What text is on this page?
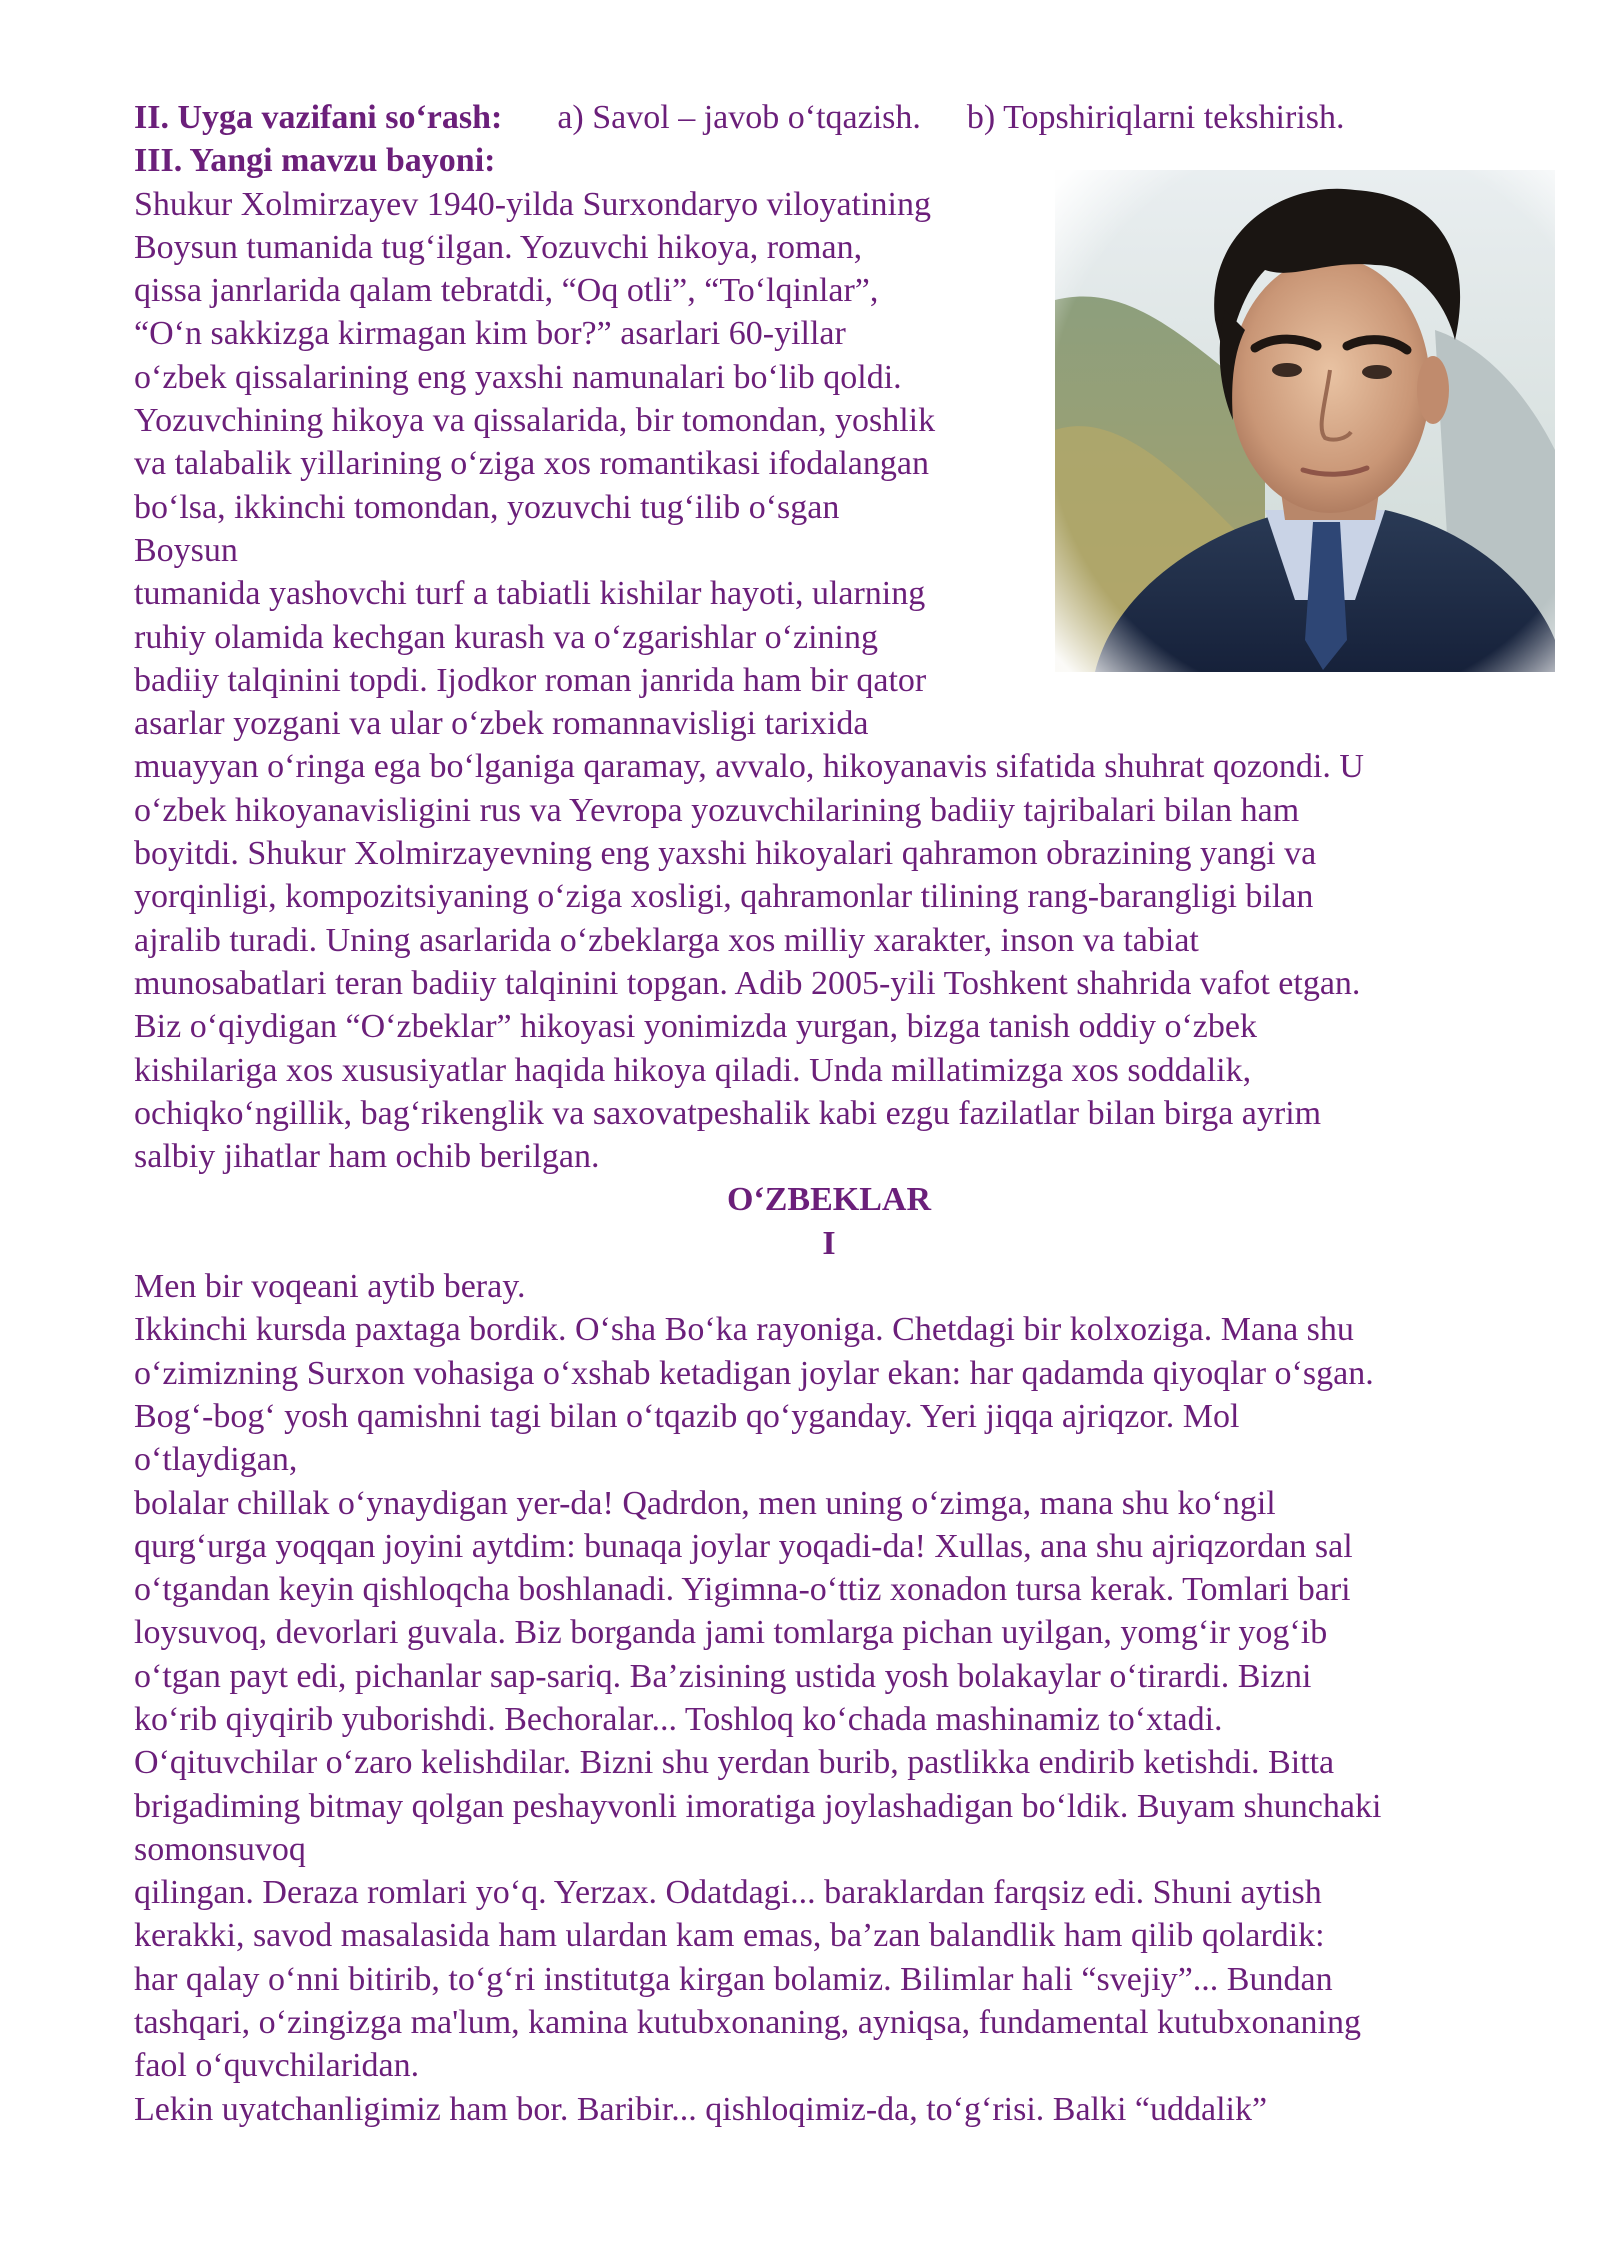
II. Uyga vazifani so‘rash: a) Savol – javob o‘tqazish. b) Topshiriqlarni tekshirish.

III. Yangi mavzu bayoni:

Shukur Xolmirzayev 1940-yilda Surxondaryo viloyatining

Boysun tumanida tug‘ilgan. Yozuvchi hikoya, roman,

qissa janrlarida qalam tebratdi, “Oq otli”, “To‘lqinlar”,

“O‘n sakkizga kirmagan kim bor?” asarlari 60-yillar

o‘zbek qissalarining eng yaxshi namunalari bo‘lib qoldi.

Yozuvchining hikoya va qissalarida, bir tomondan, yoshlik

va talabalik yillarining o‘ziga xos romantikasi ifodalangan

bo‘lsa, ikkinchi tomondan, yozuvchi tug‘ilib o‘sgan

Boysun

tumanida yashovchi turf a tabiatli kishilar hayoti, ularning

ruhiy olamida kechgan kurash va o‘zgarishlar o‘zining

badiiy talqinini topdi. Ijodkor roman janrida ham bir qator

asarlar yozgani va ular o‘zbek romannavisligi tarixida

muayyan o‘ringa ega bo‘lganiga qaramay, avvalo, hikoyanavis sifatida shuhrat qozondi. U

o‘zbek hikoyanavisligini rus va Yevropa yozuvchilarining badiiy tajribalari bilan ham

boyitdi. Shukur Xolmirzayevning eng yaxshi hikoyalari qahramon obrazining yangi va

yorqinligi, kompozitsiyaning o‘ziga xosligi, qahramonlar tilining rang-barangligi bilan

ajralib turadi. Uning asarlarida o‘zbeklarga xos milliy xarakter, inson va tabiat

munosabatlari teran badiiy talqinini topgan. Adib 2005-yili Toshkent shahrida vafot etgan.

Biz o‘qiydigan “O‘zbeklar” hikoyasi yonimizda yurgan, bizga tanish oddiy o‘zbek

kishilariga xos xususiyatlar haqida hikoya qiladi. Unda millatimizga xos soddalik,

ochiqko‘ngillik, bag‘rikenglik va saxovatpeshalik kabi ezgu fazilatlar bilan birga ayrim

salbiy jihatlar ham ochib berilgan.

O‘ZBEKLAR

I

Men bir voqeani aytib beray.

Ikkinchi kursda paxtaga bordik. O‘sha Bo‘ka rayoniga. Chetdagi bir kolxoziga. Mana shu

o‘zimizning Surxon vohasiga o‘xshab ketadigan joylar ekan: har qadamda qiyoqlar o‘sgan.

Bog‘-bog‘ yosh qamishni tagi bilan o‘tqazib qo‘yganday. Yeri jiqqa ajriqzor. Mol

o‘tlaydigan,

bolalar chillak o‘ynaydigan yer-da! Qadrdon, men uning o‘zimga, mana shu ko‘ngil

qurg‘urga yoqqan joyini aytdim: bunaqa joylar yoqadi-da! Xullas, ana shu ajriqzordan sal

o‘tgandan keyin qishloqcha boshlanadi. Yigimna-o‘ttiz xonadon tursa kerak. Tomlari bari

loysuvoq, devorlari guvala. Biz borganda jami tomlarga pichan uyilgan, yomg‘ir yog‘ib

o‘tgan payt edi, pichanlar sap-sariq. Ba’zisining ustida yosh bolakaylar o‘tirardi. Bizni

ko‘rib qiyqirib yuborishdi. Bechoralar... Toshloq ko‘chada mashinamiz to‘xtadi.

O‘qituvchilar o‘zaro kelishdilar. Bizni shu yerdan burib, pastlikka endirib ketishdi. Bitta

brigadiming bitmay qolgan peshayvonli imoratiga joylashadigan bo‘ldik. Buyam shunchaki

somonsuvoq

qilingan. Deraza romlari yo‘q. Yerzax. Odatdagi... baraklardan farqsiz edi. Shuni aytish

kerakki, savod masalasida ham ulardan kam emas, ba’zan balandlik ham qilib qolardik:

har qalay o‘nni bitirib, to‘g‘ri institutga kirgan bolamiz. Bilimlar hali “svejiy”... Bundan

tashqari, o‘zingizga ma'lum, kamina kutubxonaning, ayniqsa, fundamental kutubxonaning

faol o‘quvchilaridan.

Lekin uyatchanligimiz ham bor. Baribir... qishloqimiz-da, to‘g‘risi. Balki “uddalik”
